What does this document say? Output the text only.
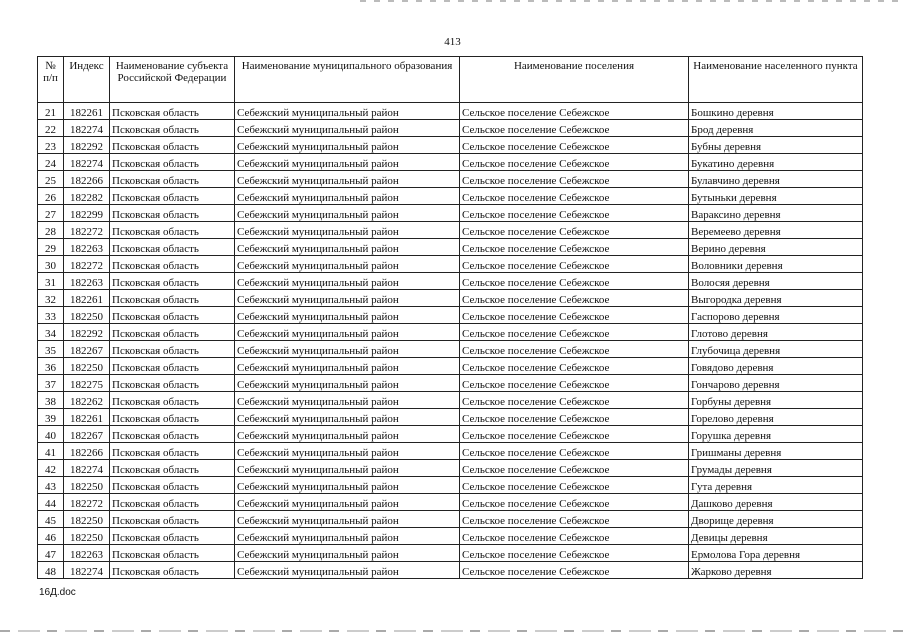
413
№ п/п	Индекс	Наименование субъекта Российской Федерации	Наименование муниципального образования	Наименование поселения	Наименование населенного пункта
21	182261	Псковская область	Себежский муниципальный район	Сельское поселение Себежское	Бошкино деревня
22	182274	Псковская область	Себежский муниципальный район	Сельское поселение Себежское	Брод деревня
23	182292	Псковская область	Себежский муниципальный район	Сельское поселение Себежское	Бубны деревня
24	182274	Псковская область	Себежский муниципальный район	Сельское поселение Себежское	Букатино деревня
25	182266	Псковская область	Себежский муниципальный район	Сельское поселение Себежское	Булавчино деревня
26	182282	Псковская область	Себежский муниципальный район	Сельское поселение Себежское	Бутыньки деревня
27	182299	Псковская область	Себежский муниципальный район	Сельское поселение Себежское	Вараксино деревня
28	182272	Псковская область	Себежский муниципальный район	Сельское поселение Себежское	Веремеево деревня
29	182263	Псковская область	Себежский муниципальный район	Сельское поселение Себежское	Верино деревня
30	182272	Псковская область	Себежский муниципальный район	Сельское поселение Себежское	Воловники деревня
31	182263	Псковская область	Себежский муниципальный район	Сельское поселение Себежское	Волосяя деревня
32	182261	Псковская область	Себежский муниципальный район	Сельское поселение Себежское	Выгородка деревня
33	182250	Псковская область	Себежский муниципальный район	Сельское поселение Себежское	Гаспорово деревня
34	182292	Псковская область	Себежский муниципальный район	Сельское поселение Себежское	Глотово деревня
35	182267	Псковская область	Себежский муниципальный район	Сельское поселение Себежское	Глубочица деревня
36	182250	Псковская область	Себежский муниципальный район	Сельское поселение Себежское	Говядово деревня
37	182275	Псковская область	Себежский муниципальный район	Сельское поселение Себежское	Гончарово деревня
38	182262	Псковская область	Себежский муниципальный район	Сельское поселение Себежское	Горбуны деревня
39	182261	Псковская область	Себежский муниципальный район	Сельское поселение Себежское	Горелово деревня
40	182267	Псковская область	Себежский муниципальный район	Сельское поселение Себежское	Горушка деревня
41	182266	Псковская область	Себежский муниципальный район	Сельское поселение Себежское	Гришманы деревня
42	182274	Псковская область	Себежский муниципальный район	Сельское поселение Себежское	Грумады деревня
43	182250	Псковская область	Себежский муниципальный район	Сельское поселение Себежское	Гута деревня
44	182272	Псковская область	Себежский муниципальный район	Сельское поселение Себежское	Дашково деревня
45	182250	Псковская область	Себежский муниципальный район	Сельское поселение Себежское	Дворище деревня
46	182250	Псковская область	Себежский муниципальный район	Сельское поселение Себежское	Девицы деревня
47	182263	Псковская область	Себежский муниципальный район	Сельское поселение Себежское	Ермолова Гора деревня
48	182274	Псковская область	Себежский муниципальный район	Сельское поселение Себежское	Жарково деревня
16Д.doc
